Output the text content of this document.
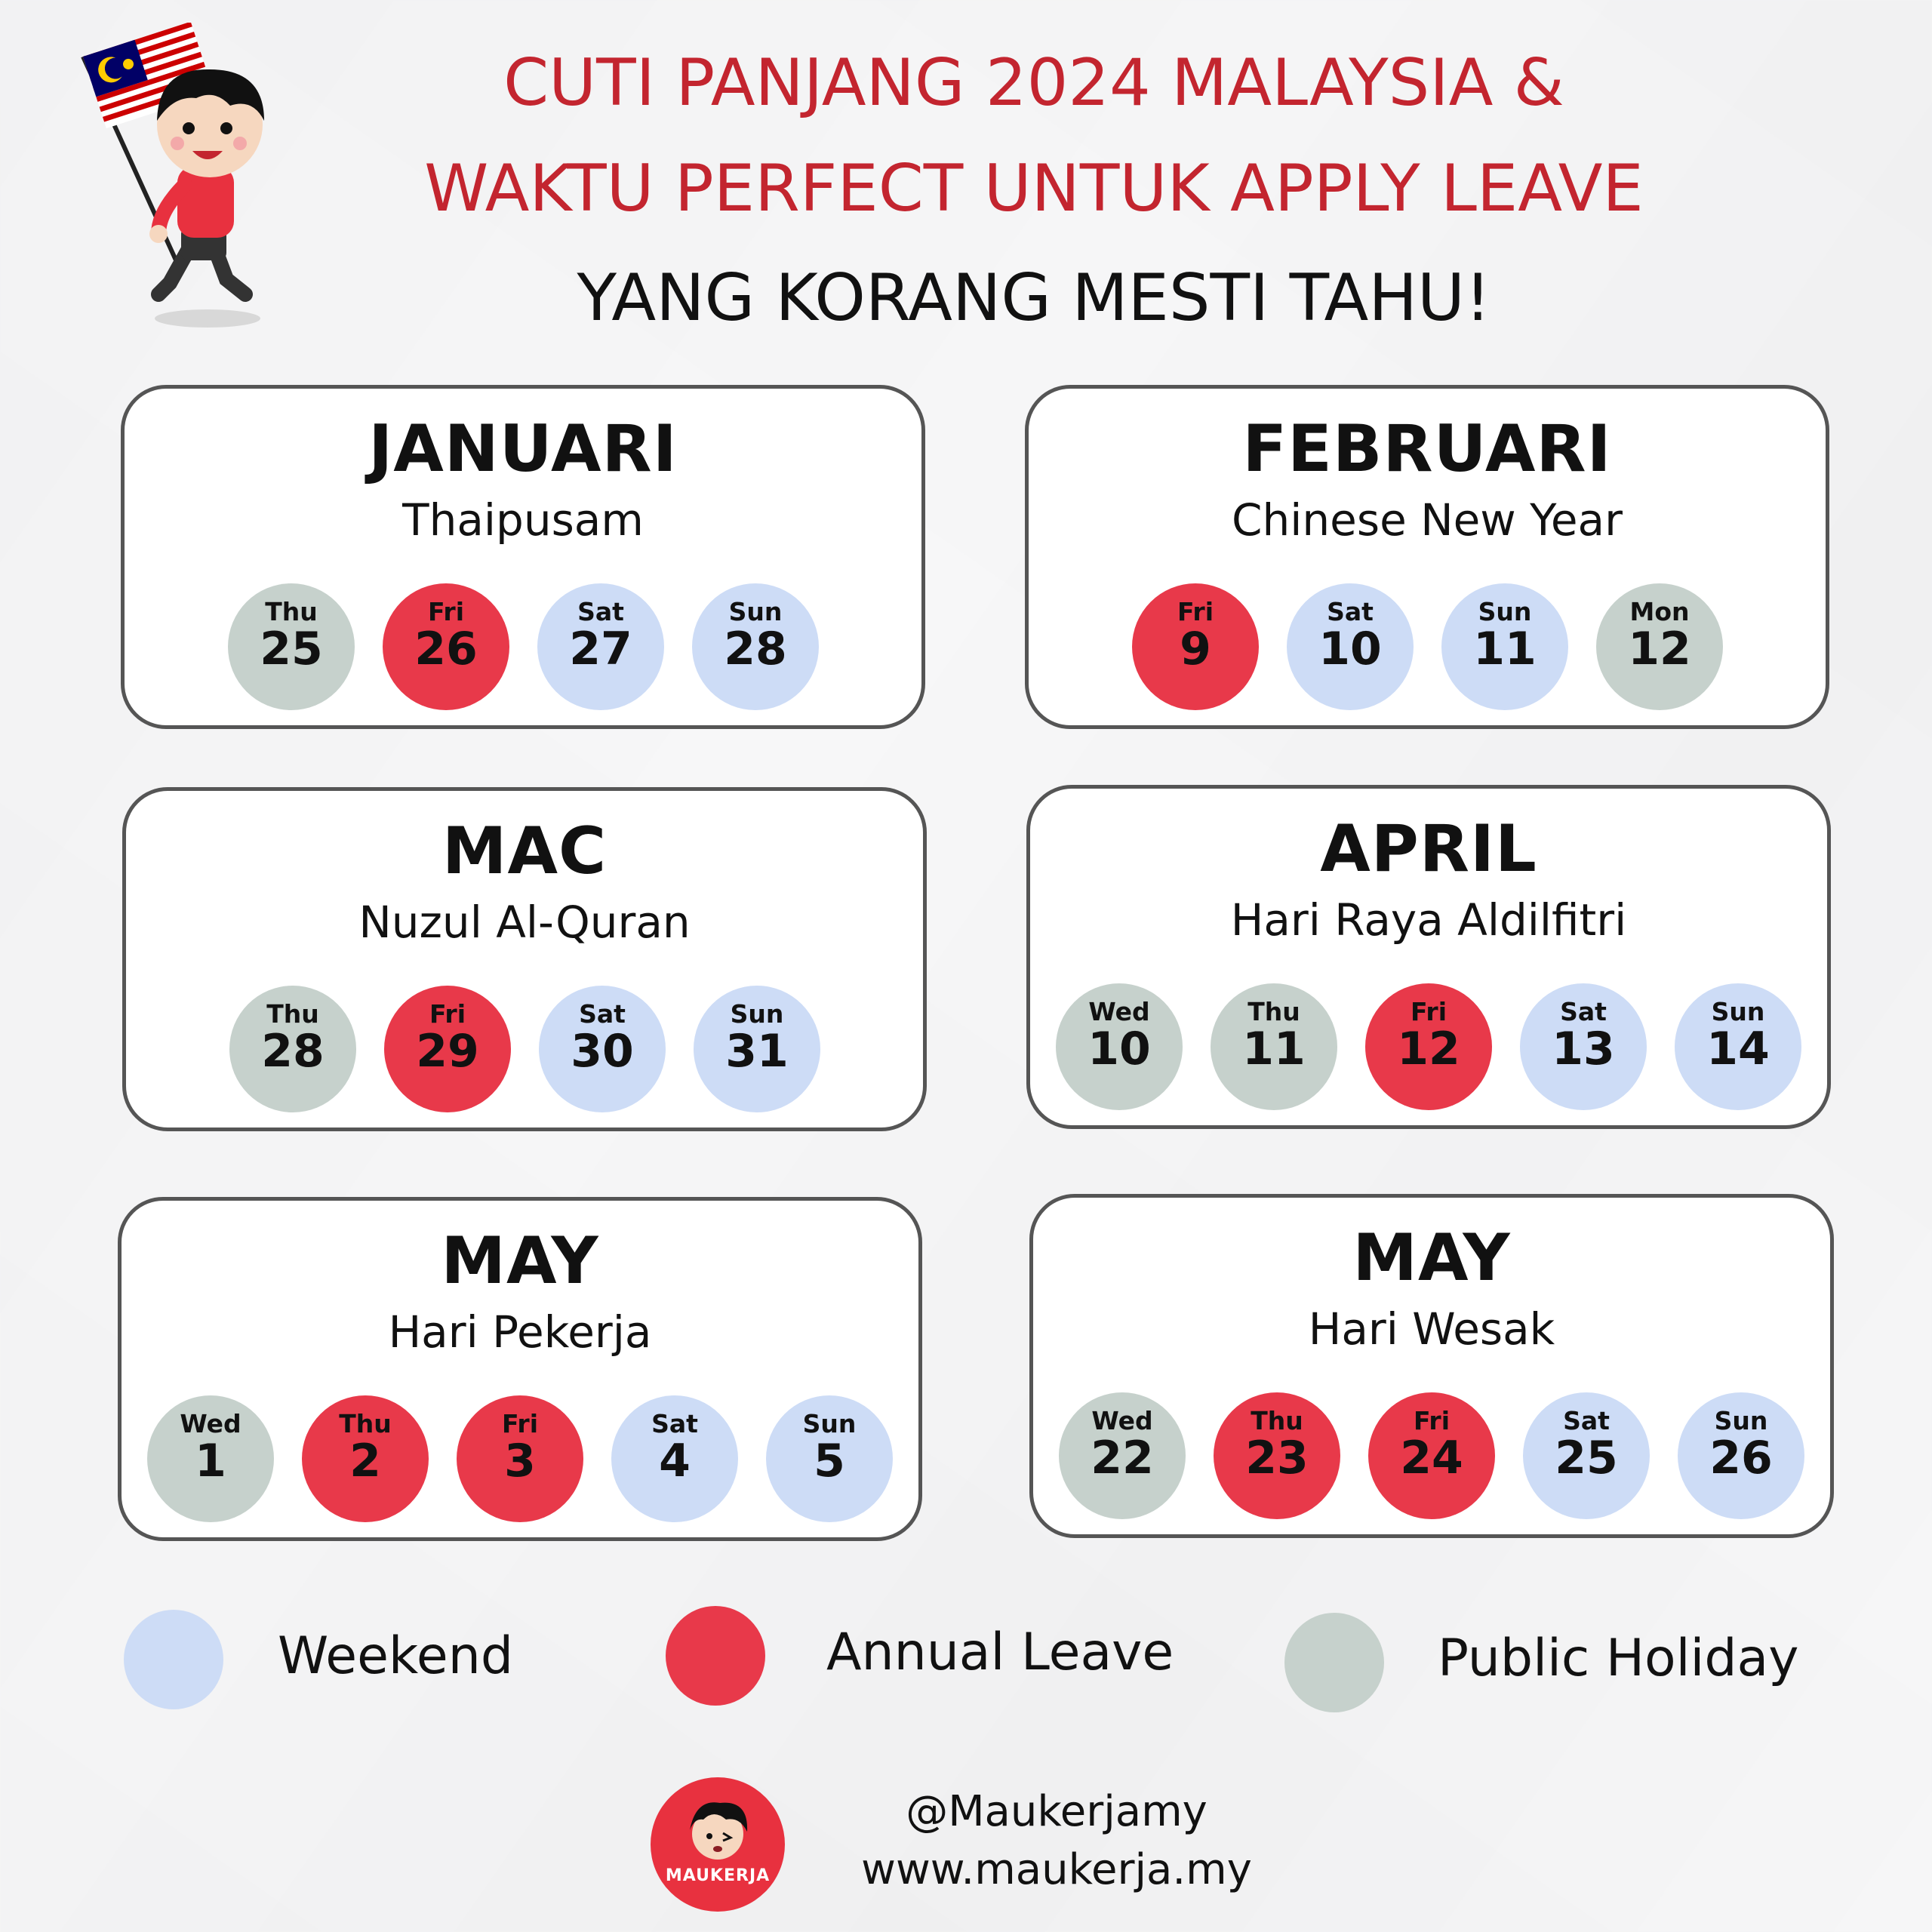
CUTI PANJANG 2024 MALAYSIA &
WAKTU PERFECT UNTUK APPLY LEAVE
YANG KORANG MESTI TAHU!
JANUARI
Thaipusam
Thu
25
Fri
26
Sat
27
Sun
28
FEBRUARI
Chinese New Year
Fri
9
Sat
10
Sun
11
Mon
12
MAC
Nuzul Al-Quran
Thu
28
Fri
29
Sat
30
Sun
31
APRIL
Hari Raya Aldilfitri
Wed
10
Thu
11
Fri
12
Sat
13
Sun
14
MAY
Hari Pekerja
Wed
1
Thu
2
Fri
3
Sat
4
Sun
5
MAY
Hari Wesak
Wed
22
Thu
23
Fri
24
Sat
25
Sun
26
Weekend	Annual Leave	Public Holiday
MAUKERJA
@Maukerjamy
www.maukerja.my
